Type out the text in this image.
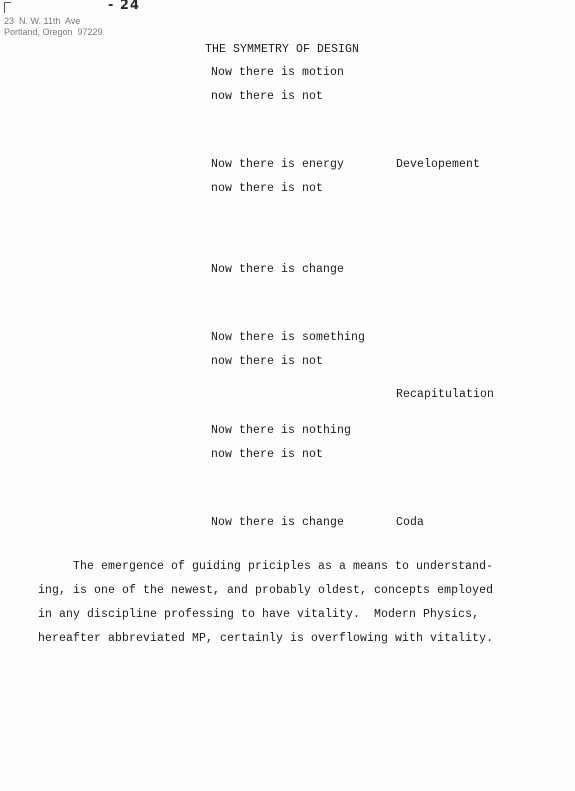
- 24
23  N. W. 11th  Ave
Portland, Oregon  97229
THE SYMMETRY OF DESIGN
Now there is motion
now there is not
Now there is energy	Developement
now there is not
Now there is change
Now there is something
now there is not
Recapitulation
Now there is nothing
now there is not
Now there is change	Coda
The emergence of guiding priciples as a means to understand-
ing, is one of the newest, and probably oldest, concepts employed
in any discipline professing to have vitality.  Modern Physics,
hereafter abbreviated MP, certainly is overflowing with vitality.
